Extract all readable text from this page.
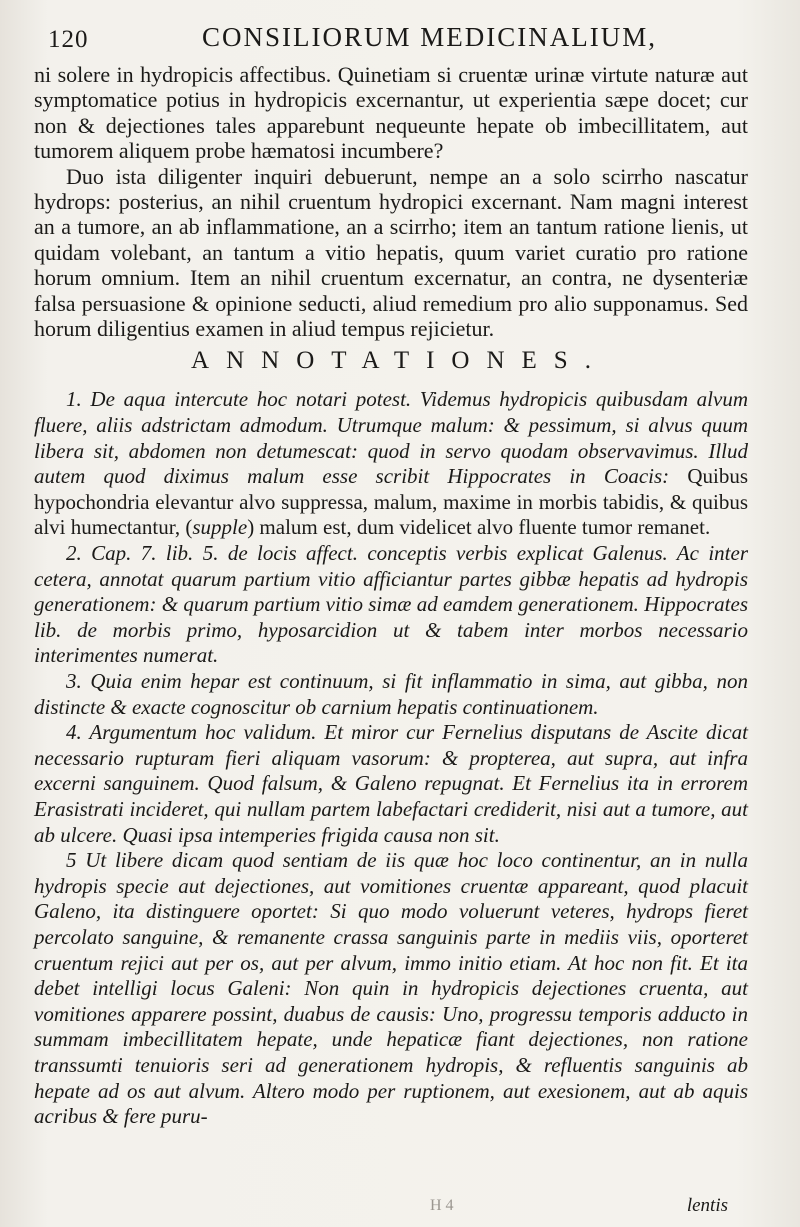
120	CONSILIORUM MEDICINALIUM,

ni solere in hydropicis affectibus. Quinetiam si cruentæ urinæ virtute naturæ aut symptomatice potius in hydropicis excernantur, ut experientia sæpe docet; cur non & dejectiones tales apparebunt nequeunte hepate ob imbecillitatem, aut tumorem aliquem probe hæmatosi incumbere?

Duo ista diligenter inquiri debuerunt, nempe an a solo scirrho nascatur hydrops: posterius, an nihil cruentum hydropici excernant. Nam magni interest an a tumore, an ab inflammatione, an a scirrho; item an tantum ratione lienis, ut quidam volebant, an tantum a vitio hepatis, quum variet curatio pro ratione horum omnium. Item an nihil cruentum excernatur, an contra, ne dysenteriæ falsa persuasione & opinione seducti, aliud remedium pro alio supponamus. Sed horum diligentius examen in aliud tempus rejicietur.

ANNOTATIONES.

1. De aqua intercute hoc notari potest. Videmus hydropicis quibusdam alvum fluere, aliis adstrictam admodum. Utrumque malum: & pessimum, si alvus quum libera sit, abdomen non detumescat: quod in servo quodam observavimus. Illud autem quod diximus malum esse scribit Hippocrates in Coacis: Quibus hypochondria elevantur alvo suppressa, malum, maxime in morbis tabidis, & quibus alvi humectantur, (supple) malum est, dum videlicet alvo fluente tumor remanet.

2. Cap. 7. lib. 5. de locis affect. conceptis verbis explicat Galenus. Ac inter cetera, annotat quarum partium vitio afficiantur partes gibbæ hepatis ad hydropis generationem: & quarum partium vitio simæ ad eamdem generationem. Hippocrates lib. de morbis primo, hyposarcidion ut & tabem inter morbos necessario interimentes numerat.

3. Quia enim hepar est continuum, si fit inflammatio in sima, aut gibba, non distincte & exacte cognoscitur ob carnium hepatis continuationem.

4. Argumentum hoc validum. Et miror cur Fernelius disputans de Ascite dicat necessario rupturam fieri aliquam vasorum: & propterea, aut supra, aut infra excerni sanguinem. Quod falsum, & Galeno repugnat. Et Fernelius ita in errorem Erasistrati incideret, qui nullam partem labefactari crediderit, nisi aut a tumore, aut ab ulcere. Quasi ipsa intemperies frigida causa non sit.

5 Ut libere dicam quod sentiam de iis quæ hoc loco continentur, an in nulla hydropis specie aut dejectiones, aut vomitiones cruentæ appareant, quod placuit Galeno, ita distinguere oportet: Si quo modo voluerunt veteres, hydrops fieret percolato sanguine, & remanente crassa sanguinis parte in mediis viis, oporteret cruentum rejici aut per os, aut per alvum, immo initio etiam. At hoc non fit. Et ita debet intelligi locus Galeni: Non quin in hydropicis dejectiones cruenta, aut vomitiones apparere possint, duabus de causis: Uno, progressu temporis adducto in summam imbecillitatem hepate, unde hepaticæ fiant dejectiones, non ratione transsumti tenuioris seri ad generationem hydropis, & refluentis sanguinis ab hepate ad os aut alvum. Altero modo per ruptionem, aut exesionem, aut ab aquis acribus & fere puru-

H 4	lentis
